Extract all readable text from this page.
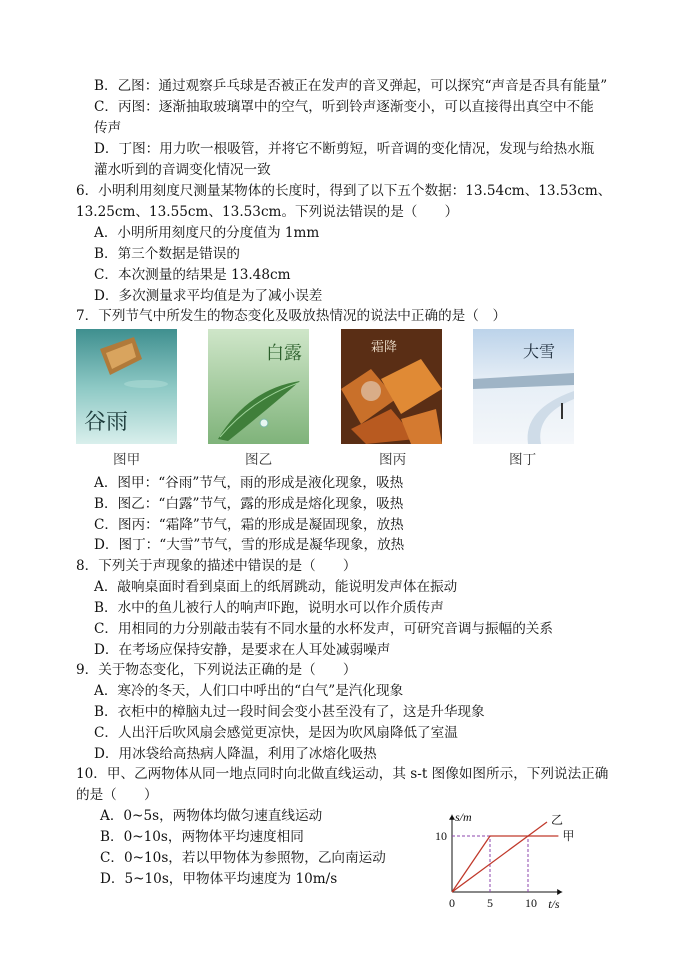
B．乙图：通过观察乒乓球是否被正在发声的音叉弹起，可以探究“声音是否具有能量”
C．丙图：逐渐抽取玻璃罩中的空气，听到铃声逐渐变小，可以直接得出真空中不能
传声
D．丁图：用力吹一根吸管，并将它不断剪短，听音调的变化情况，发现与给热水瓶
灌水听到的音调变化情况一致
6．小明利用刻度尺测量某物体的长度时，得到了以下五个数据：13.54cm、13.53cm、
13.25cm、13.55cm、13.53cm。下列说法错误的是（　　）
A．小明所用刻度尺的分度值为 1mm
B．第三个数据是错误的
C．本次测量的结果是 13.48cm
D．多次测量求平均值是为了减小误差
7．下列节气中所发生的物态变化及吸放热情况的说法中正确的是（　）
谷雨
白露	霜降	大雪
图甲	图乙	图丙	图丁
A．图甲：“谷雨”节气，雨的形成是液化现象，吸热
B．图乙：“白露”节气，露的形成是熔化现象，吸热
C．图丙：“霜降”节气，霜的形成是凝固现象，放热
D．图丁：“大雪”节气，雪的形成是凝华现象，放热
8．下列关于声现象的描述中错误的是（　　）
A．敲响桌面时看到桌面上的纸屑跳动，能说明发声体在振动
B．水中的鱼儿被行人的响声吓跑，说明水可以作介质传声
C．用相同的力分别敲击装有不同水量的水杯发声，可研究音调与振幅的关系
D．在考场应保持安静，是要求在人耳处减弱噪声
9．关于物态变化，下列说法正确的是（　　）
A．寒冷的冬天，人们口中呼出的“白气”是汽化现象
B．衣柜中的樟脑丸过一段时间会变小甚至没有了，这是升华现象
C．人出汗后吹风扇会感觉更凉快，是因为吹风扇降低了室温
D．用冰袋给高热病人降温，利用了冰熔化吸热
10．甲、乙两物体从同一地点同时向北做直线运动，其 s-t 图像如图所示，下列说法正确
的是（　　）
A．0~5s，两物体均做匀速直线运动
B．0~10s，两物体平均速度相同
C．0~10s，若以甲物体为参照物，乙向南运动
D．5~10s，甲物体平均速度为 10m/s
甲
乙
0	5	10
10
t/s
s/m
